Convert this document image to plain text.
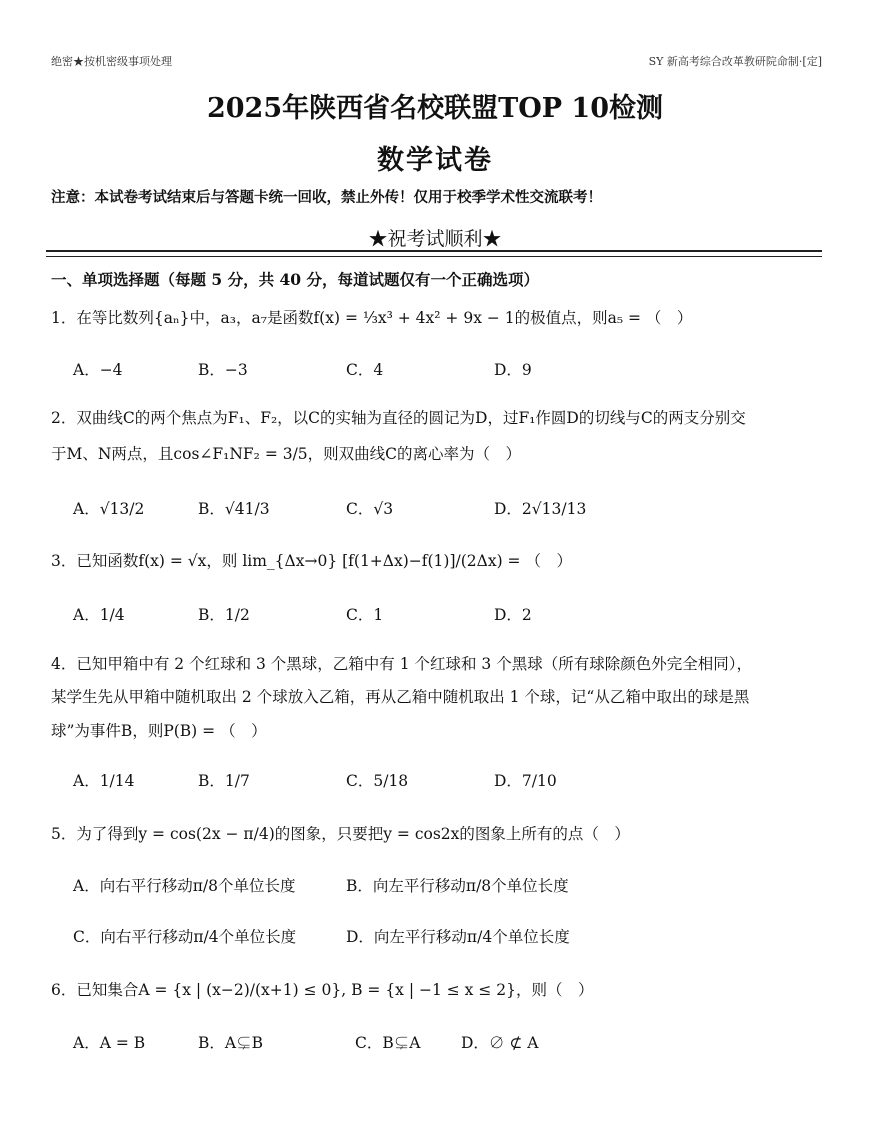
绝密★按机密级事项处理	SY 新高考综合改革教研院命制·[定]
2025年陕西省名校联盟TOP 10检测
数学试卷
注意：本试卷考试结束后与答题卡统一回收，禁止外传！仅用于校季学术性交流联考！
★祝考试顺利★
一、单项选择题（每题 5 分，共 40 分，每道试题仅有一个正确选项）
1．在等比数列{aₙ}中，a₃，a₇是函数f(x) = ⅓x³ + 4x² + 9x − 1的极值点，则a₅ = （　）
A．−4	B．−3	C．4	D．9
2．双曲线C的两个焦点为F₁、F₂，以C的实轴为直径的圆记为D，过F₁作圆D的切线与C的两支分别交
于M、N两点，且cos∠F₁NF₂ = 3/5，则双曲线C的离心率为（　）
A．√13/2	B．√41/3	C．√3	D．2√13/13
3．已知函数f(x) = √x，则 lim_{Δx→0} [f(1+Δx)−f(1)]/(2Δx) = （　）
A．1/4	B．1/2	C．1	D．2
4．已知甲箱中有 2 个红球和 3 个黑球，乙箱中有 1 个红球和 3 个黑球（所有球除颜色外完全相同），
某学生先从甲箱中随机取出 2 个球放入乙箱，再从乙箱中随机取出 1 个球，记“从乙箱中取出的球是黑
球”为事件B，则P(B) = （　）
A．1/14	B．1/7	C．5/18	D．7/10
5．为了得到y = cos(2x − π/4)的图象，只要把y = cos2x的图象上所有的点（　）
A．向右平行移动π/8个单位长度	B．向左平行移动π/8个单位长度
C．向右平行移动π/4个单位长度	D．向左平行移动π/4个单位长度
6．已知集合A = {x | (x−2)/(x+1) ≤ 0}, B = {x | −1 ≤ x ≤ 2}，则（　）
A．A = B	B．A⊊B	C．B⊊A	D．∅ ⊄ A
